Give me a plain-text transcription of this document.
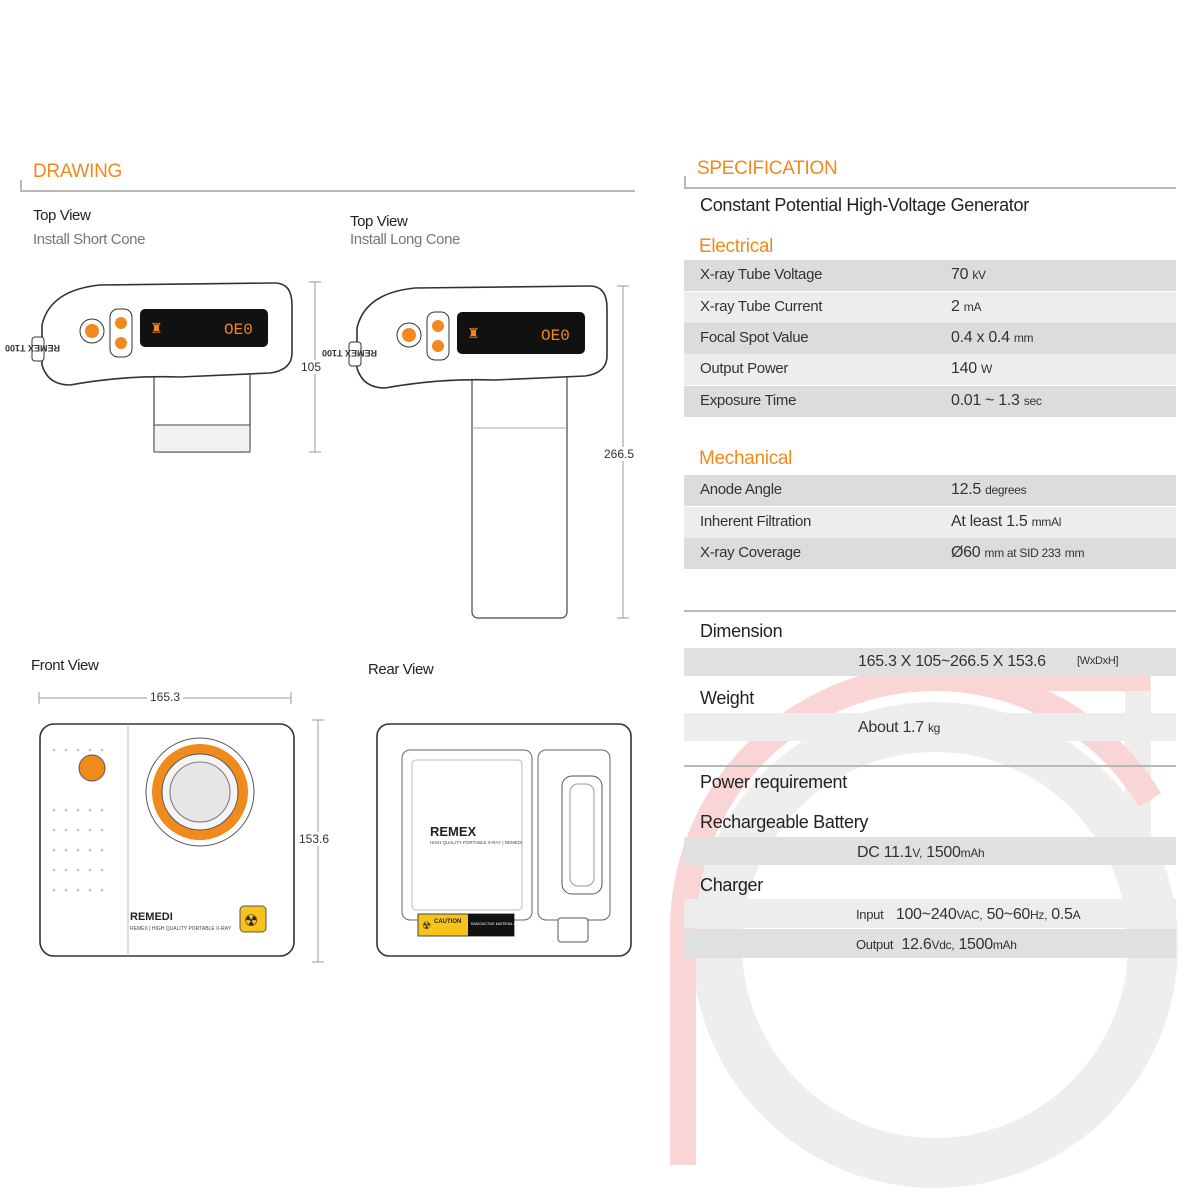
DRAWING
Top View
Install Short Cone
OE0
♜
REMEX T100
105
Top View
Install Long Cone
OE0
♜
REMEX T100
266.5
Front View
165.3
REMEDI
REMEX | HIGH QUALITY PORTABLE X-RAY ☢
153.6
Rear View
REMEX
HIGH QUALITY PORTABLE X-RAY | REMEDI
☢ CAUTION	RADIOACTIVE MATERIAL DO NOT OPEN
SPECIFICATION
Constant Potential High-Voltage Generator
Electrical
X-ray Tube Voltage	70 kV
X-ray Tube Current	2 mA
Focal Spot Value	0.4 x 0.4 mm
Output Power	140 W
Exposure Time	0.01 ~ 1.3 sec
Mechanical
Anode Angle	12.5 degrees
Inherent Filtration	At least 1.5 mmAl
X-ray Coverage	Ø60 mm at SID 233 mm
Dimension
165.3 X 105~266.5 X 153.6	[WxDxH]
Weight
About 1.7 kg
Power requirement
Rechargeable Battery
DC 11.1V, 1500mAh
Charger
Input 100~240VAC, 50~60Hz, 0.5A
Output 12.6Vdc, 1500mAh
